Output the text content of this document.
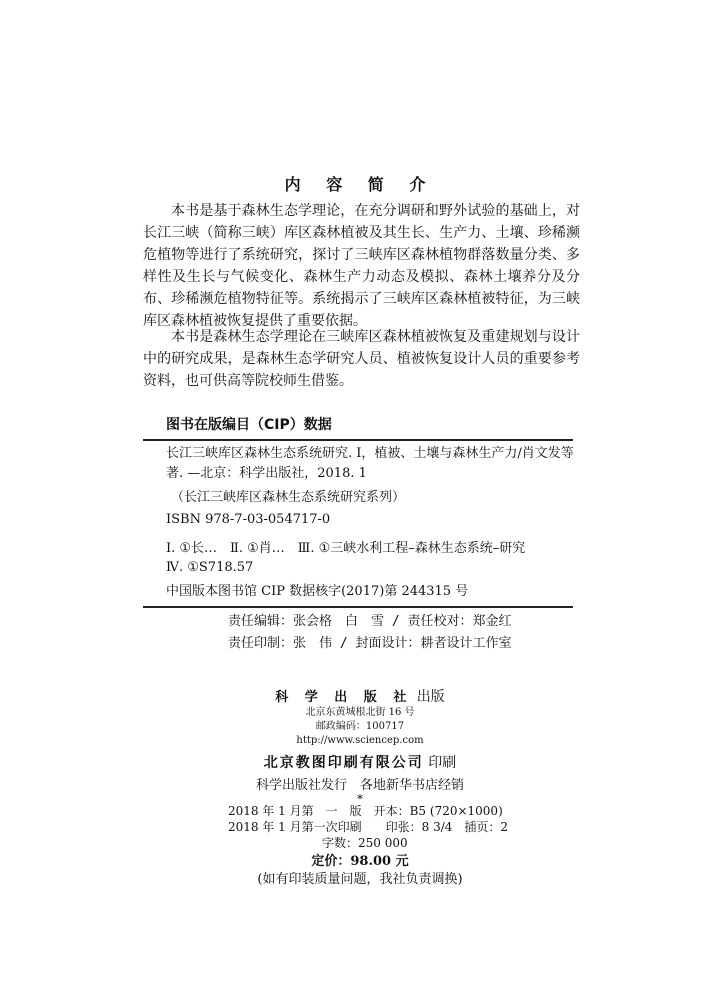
内 容 简 介

本书是基于森林生态学理论，在充分调研和野外试验的基础上，对长江三峡（简称三峡）库区森林植被及其生长、生产力、土壤、珍稀濒危植物等进行了系统研究，探讨了三峡库区森林植物群落数量分类、多样性及生长与气候变化、森林生产力动态及模拟、森林土壤养分及分布、珍稀濒危植物特征等。系统揭示了三峡库区森林植被特征，为三峡库区森林植被恢复提供了重要依据。

本书是森林生态学理论在三峡库区森林植被恢复及重建规划与设计中的研究成果，是森林生态学研究人员、植被恢复设计人员的重要参考资料，也可供高等院校师生借鉴。

图书在版编目（CIP）数据
长江三峡库区森林生态系统研究. I，植被、土壤与森林生产力/肖文发等著. —北京：科学出版社，2018. 1
（长江三峡库区森林生态系统研究系列）
ISBN 978-7-03-054717-0
Ⅰ. ①长…　Ⅱ. ①肖…　Ⅲ. ①三峡水利工程–森林生态系统–研究
Ⅳ. ①S718.57
中国版本图书馆 CIP 数据核字(2017)第 244315 号
责任编辑：张会格　白　雪 / 责任校对：郑金红
责任印制：张　伟 / 封面设计：耕者设计工作室
科 学 出 版 社 出版
北京东黄城根北街 16 号
邮政编码：100717
http://www.sciencep.com
北京教图印刷有限公司 印刷
科学出版社发行　各地新华书店经销
*
2018 年 1 月第　一　版　开本：B5 (720×1000)
2018 年 1 月第一次印刷　　印张：8 3/4　插页：2
字数：250 000
定价：98.00 元
(如有印装质量问题，我社负责调换)
